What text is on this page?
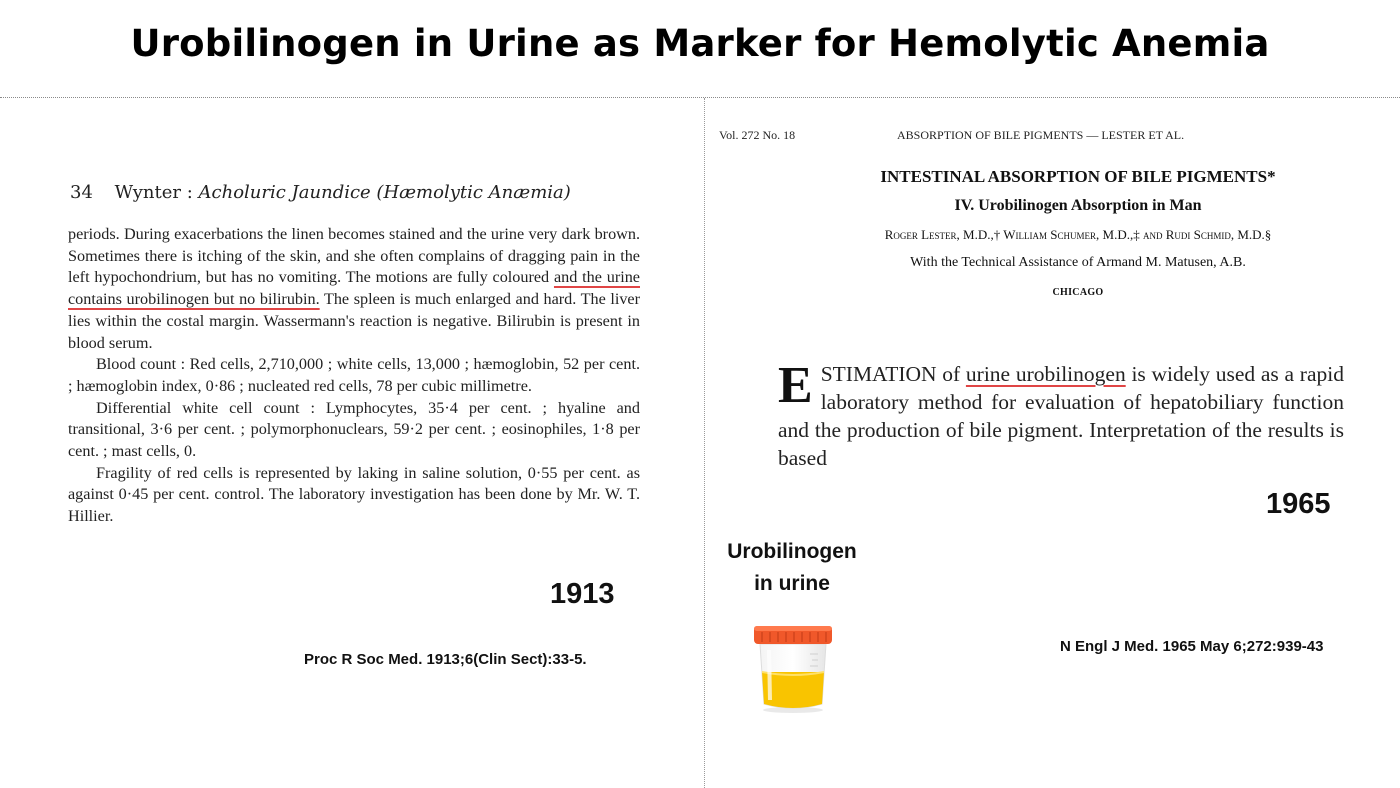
Urobilinogen in Urine as Marker for Hemolytic Anemia
34 Wynter : Acholuric Jaundice (Hæmolytic Anæmia)

periods. During exacerbations the linen becomes stained and the urine very dark brown. Sometimes there is itching of the skin, and she often complains of dragging pain in the left hypochondrium, but has no vomiting. The motions are fully coloured and the urine contains urobilinogen but no bilirubin. The spleen is much enlarged and hard. The liver lies within the costal margin. Wassermann's reaction is negative. Bilirubin is present in blood serum.

Blood count : Red cells, 2,710,000 ; white cells, 13,000 ; hæmoglobin, 52 per cent. ; hæmoglobin index, 0·86 ; nucleated red cells, 78 per cubic millimetre.

Differential white cell count : Lymphocytes, 35·4 per cent. ; hyaline and transitional, 3·6 per cent. ; polymorphonuclears, 59·2 per cent. ; eosinophiles, 1·8 per cent. ; mast cells, 0.

Fragility of red cells is represented by laking in saline solution, 0·55 per cent. as against 0·45 per cent. control. The laboratory investigation has been done by Mr. W. T. Hillier.

1913
Proc R Soc Med. 1913;6(Clin Sect):33-5.
Vol. 272 No. 18	ABSORPTION OF BILE PIGMENTS — LESTER ET AL.
INTESTINAL ABSORPTION OF BILE PIGMENTS*
IV. Urobilinogen Absorption in Man
Roger Lester, M.D.,† William Schumer, M.D.,‡ and Rudi Schmid, M.D.§
With the Technical Assistance of Armand M. Matusen, A.B.
CHICAGO
E STIMATION of urine urobilinogen is widely used as a rapid laboratory method for evaluation of hepatobiliary function and the production of bile pigment. Interpretation of the results is based

1965
Urobilinogen
in urine
N Engl J Med. 1965 May 6;272:939-43
